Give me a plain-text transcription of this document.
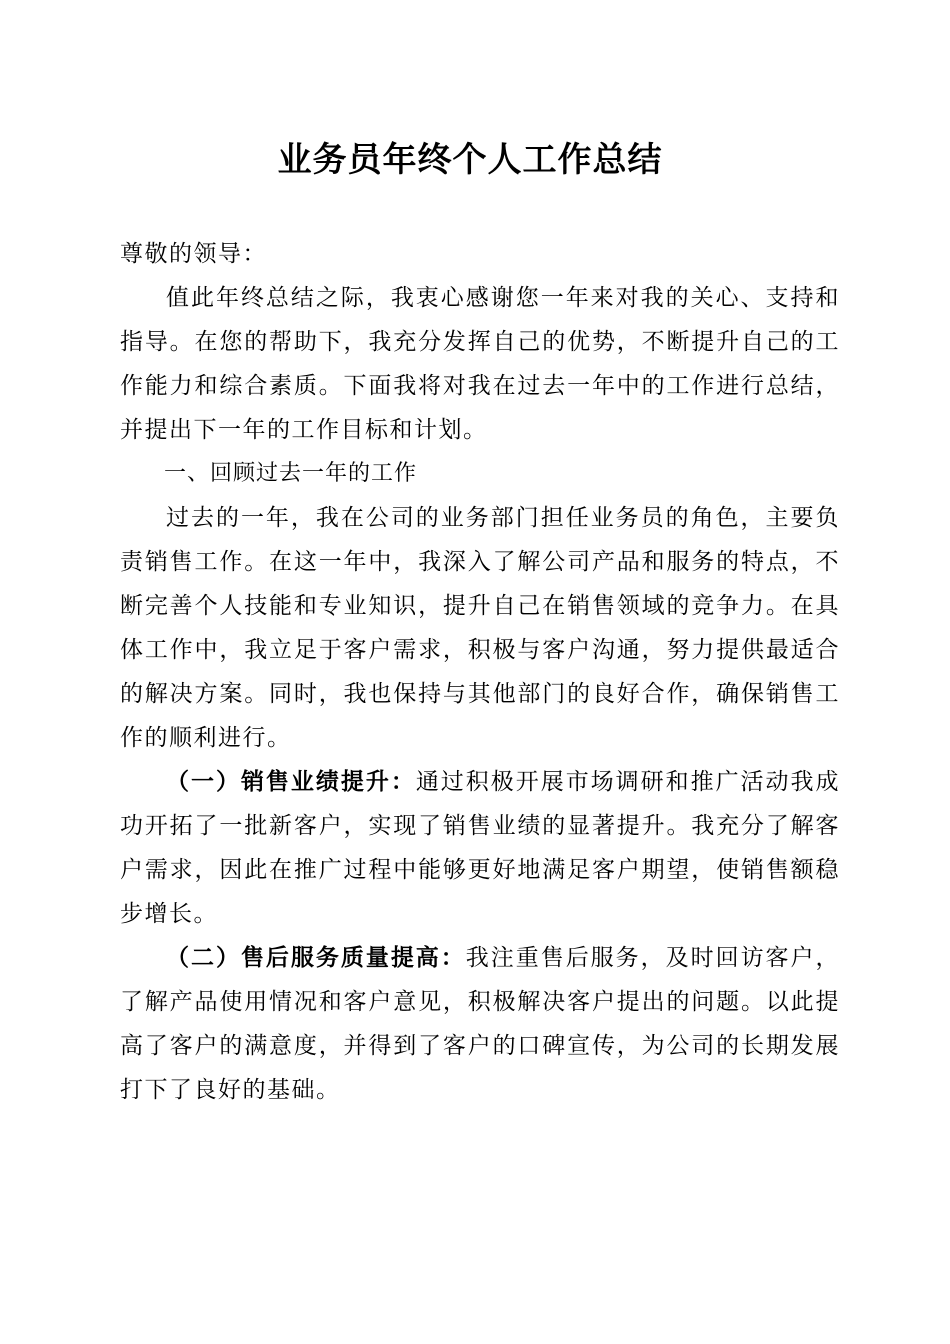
业务员年终个人工作总结

尊敬的领导：

值此年终总结之际，我衷心感谢您一年来对我的关心、支持和指导。在您的帮助下，我充分发挥自己的优势，不断提升自己的工作能力和综合素质。下面我将对我在过去一年中的工作进行总结，并提出下一年的工作目标和计划。

一、回顾过去一年的工作

过去的一年，我在公司的业务部门担任业务员的角色，主要负责销售工作。在这一年中，我深入了解公司产品和服务的特点，不断完善个人技能和专业知识，提升自己在销售领域的竞争力。在具体工作中，我立足于客户需求，积极与客户沟通，努力提供最适合的解决方案。同时，我也保持与其他部门的良好合作，确保销售工作的顺利进行。

（一）销售业绩提升：通过积极开展市场调研和推广活动我成功开拓了一批新客户，实现了销售业绩的显著提升。我充分了解客户需求，因此在推广过程中能够更好地满足客户期望，使销售额稳步增长。

（二）售后服务质量提高：我注重售后服务，及时回访客户，了解产品使用情况和客户意见，积极解决客户提出的问题。以此提高了客户的满意度，并得到了客户的口碑宣传，为公司的长期发展打下了良好的基础。
